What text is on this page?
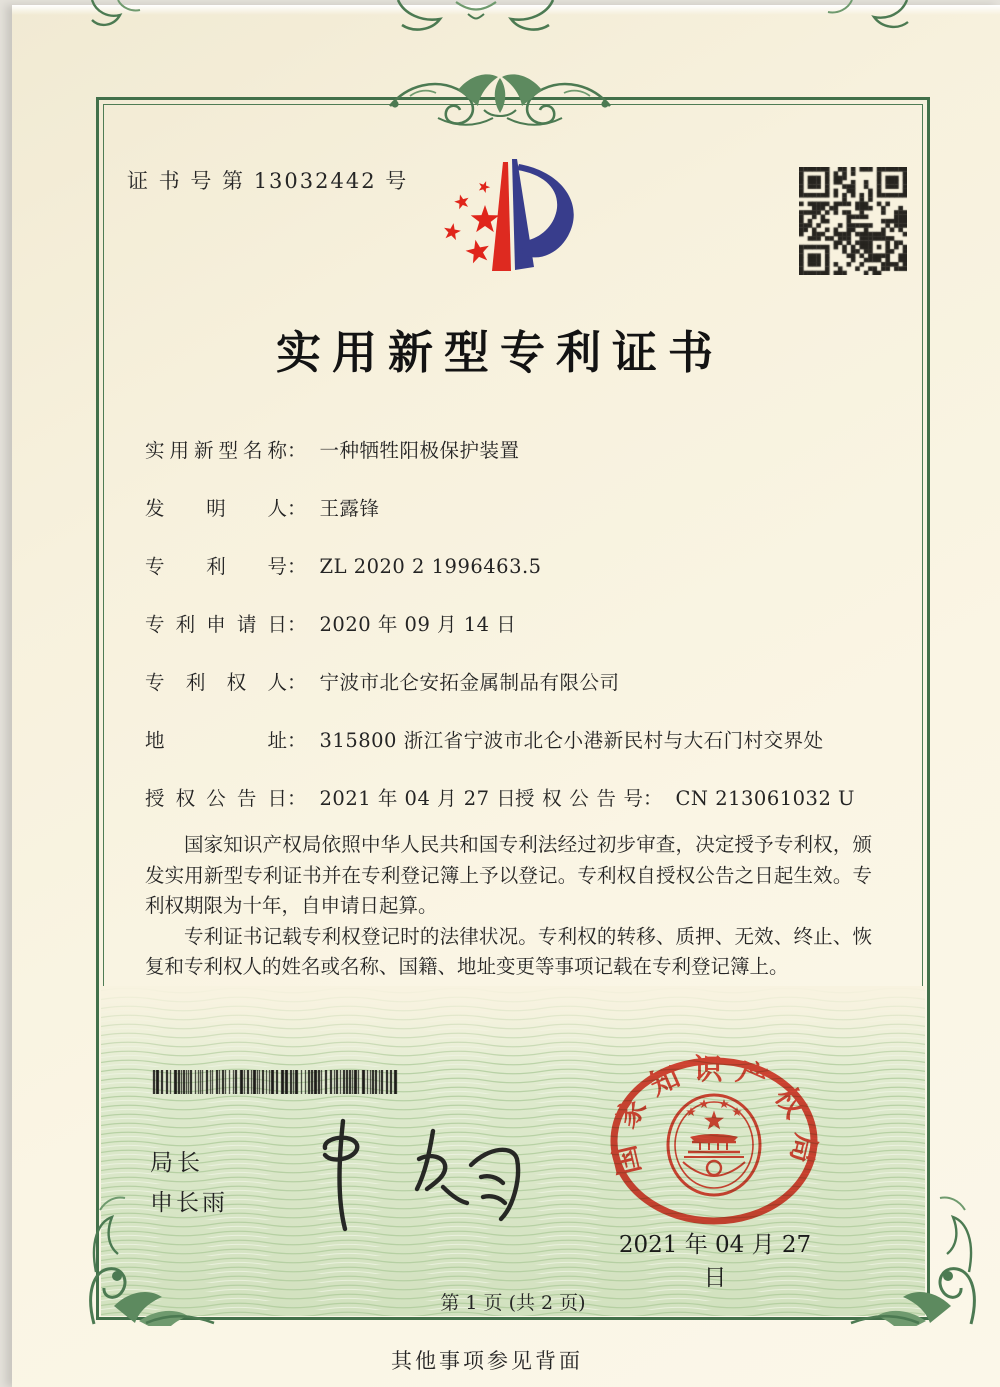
证 书 号 第 13032442 号
实用新型专利证书
实用新型名称： 一种牺牲阳极保护装置
发明人： 王露锋
专利号： ZL 2020 2 1996463.5
专利申请日： 2020 年 09 月 14 日
专利权人： 宁波市北仑安拓金属制品有限公司
地址： 315800 浙江省宁波市北仑小港新民村与大石门村交界处
授权公告日： 2021 年 04 月 27 日
授权公告号： CN 213061032 U

国家知识产权局依照中华人民共和国专利法经过初步审查，决定授予专利权，颁发实用新型专利证书并在专利登记簿上予以登记。专利权自授权公告之日起生效。专利权期限为十年，自申请日起算。

专利证书记载专利权登记时的法律状况。专利权的转移、质押、无效、终止、恢复和专利权人的姓名或名称、国籍、地址变更等事项记载在专利登记簿上。

局长
申长雨
2021 年 04 月 27 日
国家知识产权局
第 1 页 (共 2 页)
其他事项参见背面
